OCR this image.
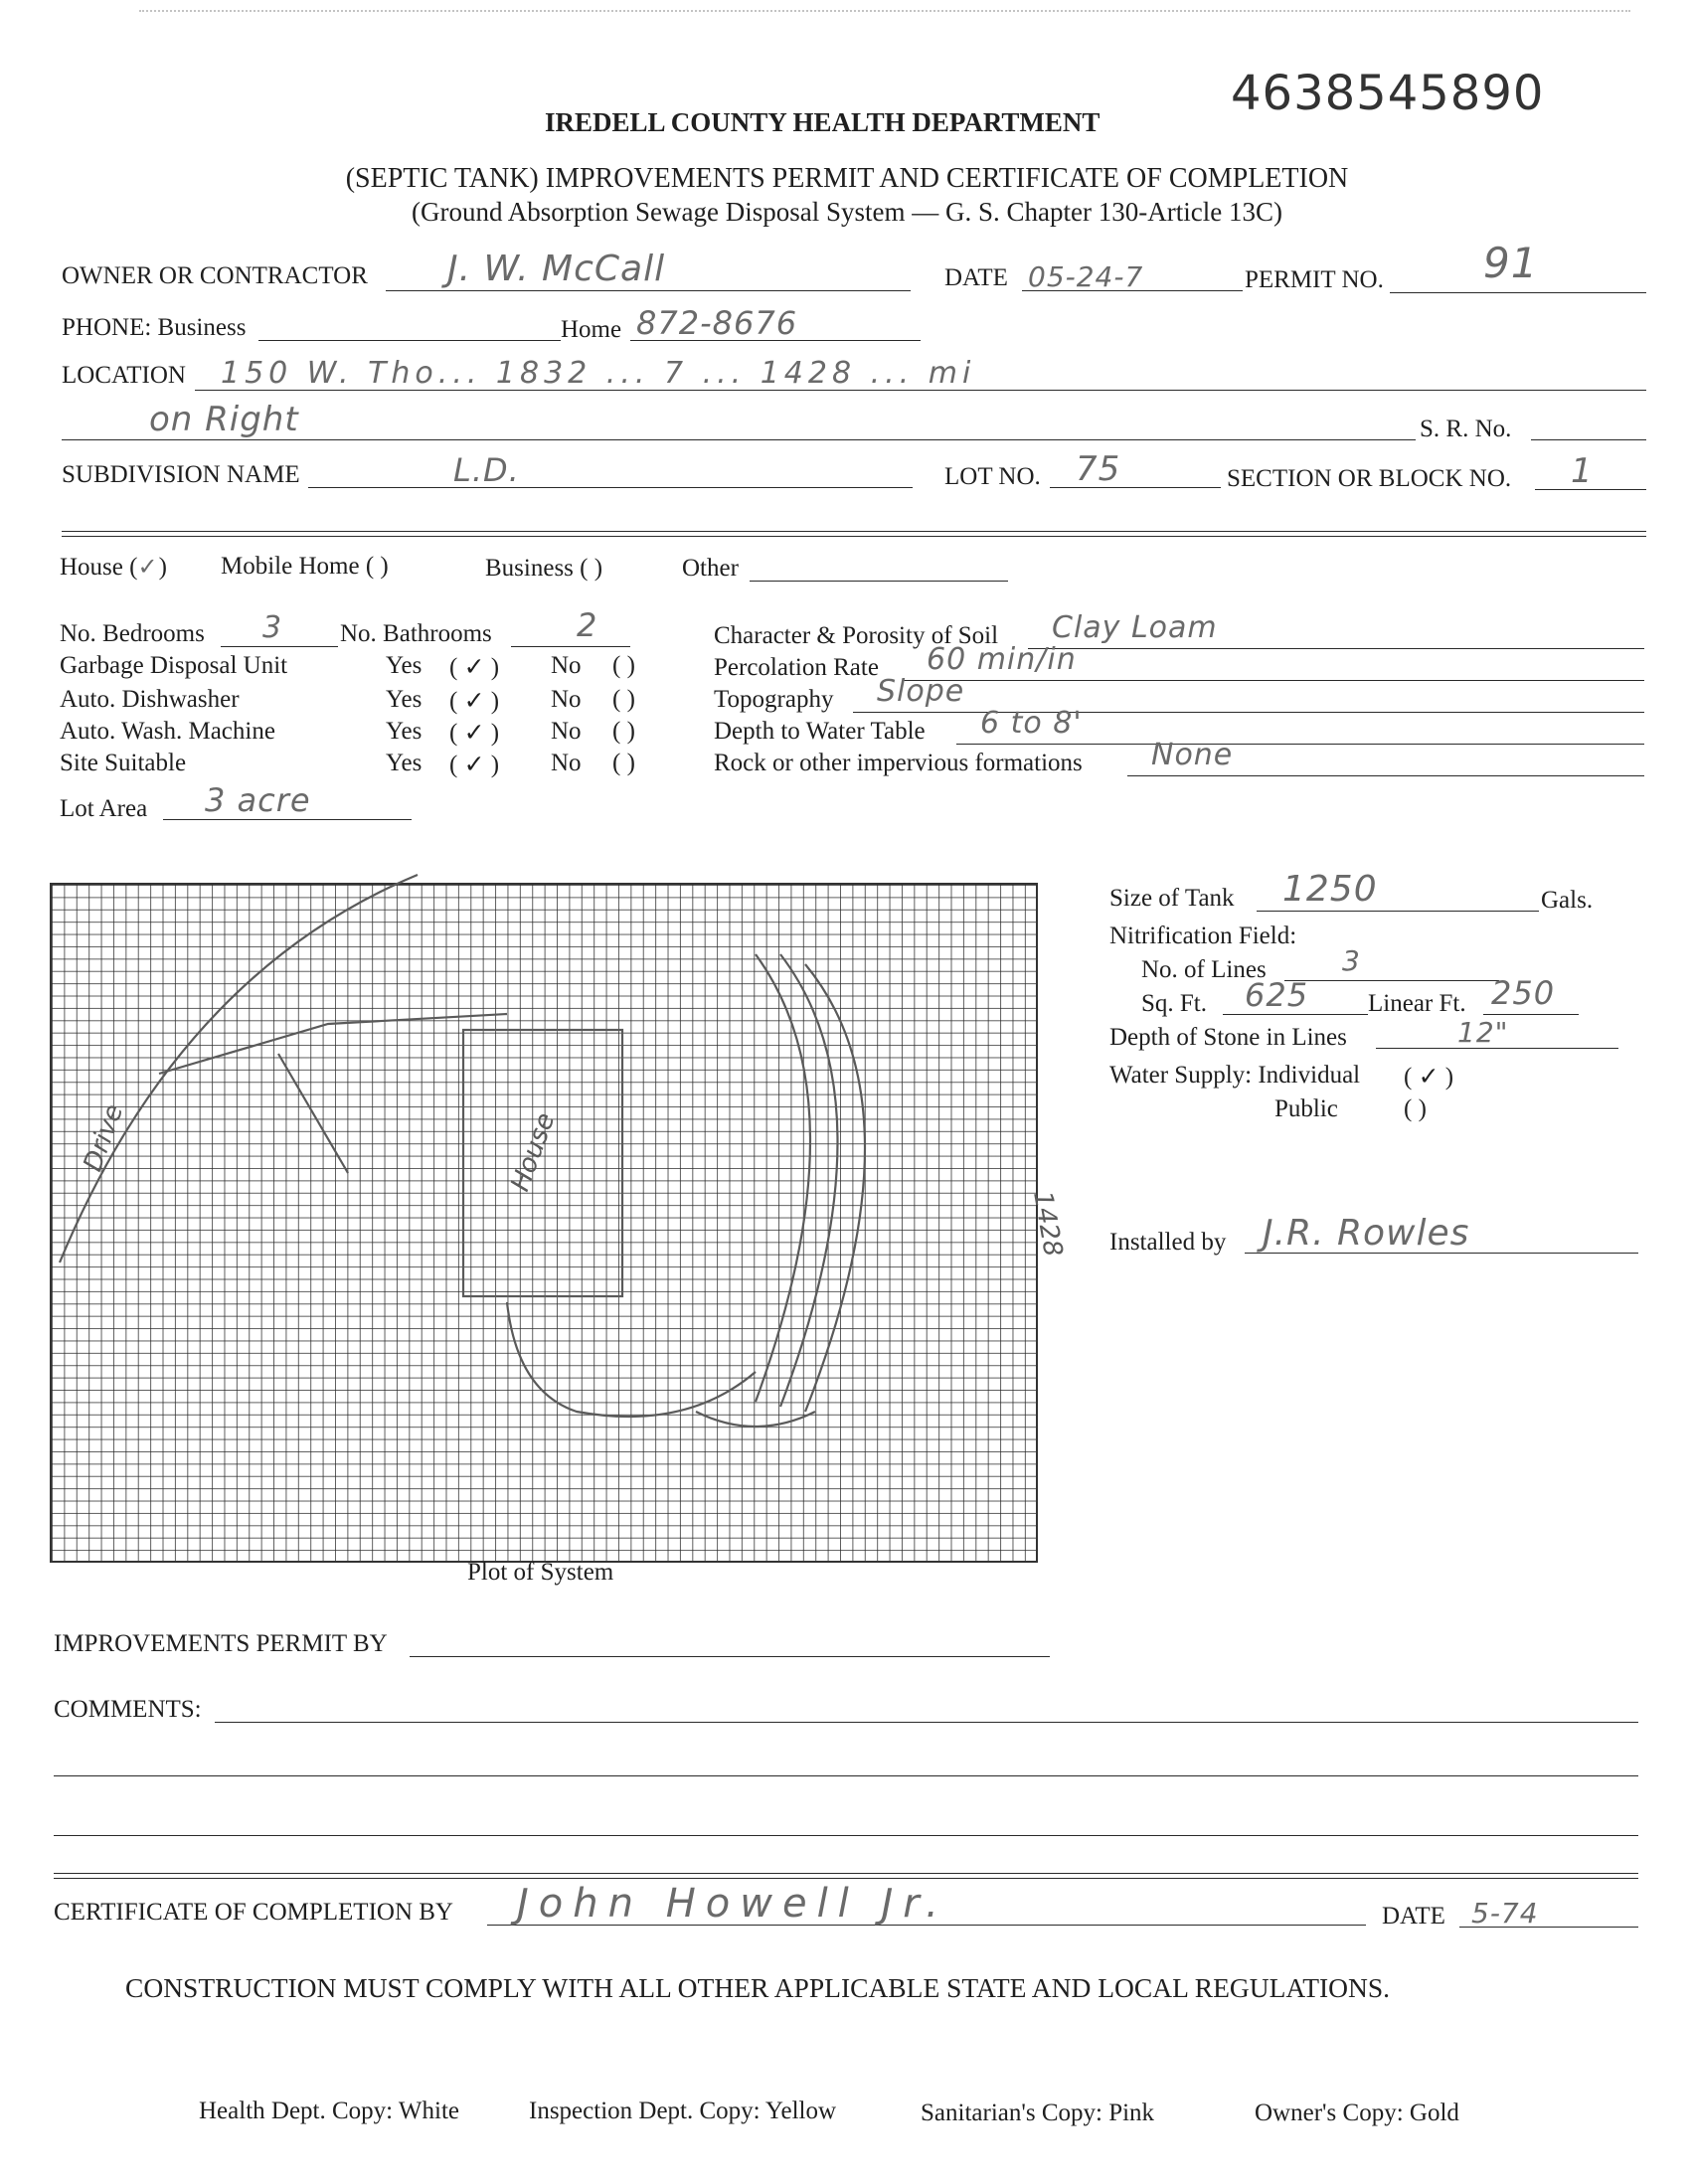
4638545890
IREDELL COUNTY HEALTH DEPARTMENT
(SEPTIC TANK) IMPROVEMENTS PERMIT AND CERTIFICATE OF COMPLETION
(Ground Absorption Sewage Disposal System — G. S. Chapter 130-Article 13C)
OWNER OR CONTRACTOR J. W. McCall	DATE 05-24-7	PERMIT NO. 91
PHONE: Business	Home 872-8676
LOCATION 150 W. Tho... 1832 ... 7 ... 1428 ... mi
on Right	S. R. No.
SUBDIVISION NAME	L.D.	LOT NO. 75	SECTION OR BLOCK NO. 1
House (✓) Mobile Home ( )	Business ( )	Other
No. Bedrooms 3 No. Bathrooms	2
Garbage Disposal Unit	Yes ( ✓ ) No ( )
Auto. Dishwasher	Yes ( ✓ ) No ( )
Auto. Wash. Machine	Yes ( ✓ ) No ( )
Site Suitable	Yes ( ✓ ) No ( )
Character & Porosity of Soil Clay Loam
Percolation Rate 60 min/in
Topography Slope
Depth to Water Table 6 to 8'
Rock or other impervious formations None
Lot Area 3 acre
Drive	House
1428
Plot of System
Size of Tank 1250	Gals.
Nitrification Field:
No. of Lines	3
Sq. Ft. 625 Linear Ft. 250
Depth of Stone in Lines	12"
Water Supply: Individual ( ✓ )
Public	( )
Installed by J.R. Rowles
IMPROVEMENTS PERMIT BY
COMMENTS:
CERTIFICATE OF COMPLETION BY John Howell Jr.	DATE 5-74
CONSTRUCTION MUST COMPLY WITH ALL OTHER APPLICABLE STATE AND LOCAL REGULATIONS.
Health Dept. Copy: White	Inspection Dept. Copy: Yellow	Sanitarian's Copy: Pink	Owner's Copy: Gold
